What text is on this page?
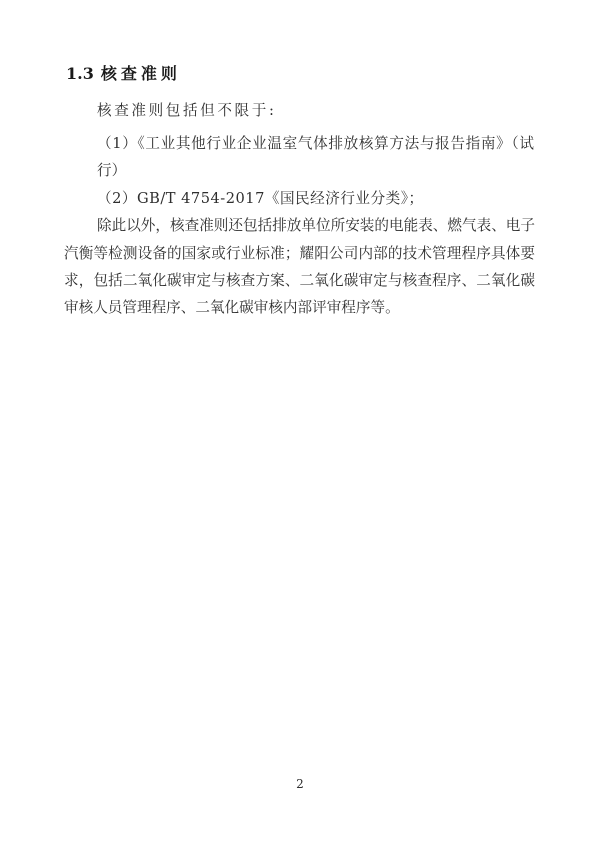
1.3 核查准则
核查准则包括但不限于:
（1）《工业其他行业企业温室气体排放核算方法与报告指南》（试
行）
（2）GB/T 4754-2017《国民经济行业分类》；
除此以外，核查准则还包括排放单位所安装的电能表、燃气表、电子
汽衡等检测设备的国家或行业标准；耀阳公司内部的技术管理程序具体要
求，包括二氧化碳审定与核查方案、二氧化碳审定与核查程序、二氧化碳
审核人员管理程序、二氧化碳审核内部评审程序等。
2
